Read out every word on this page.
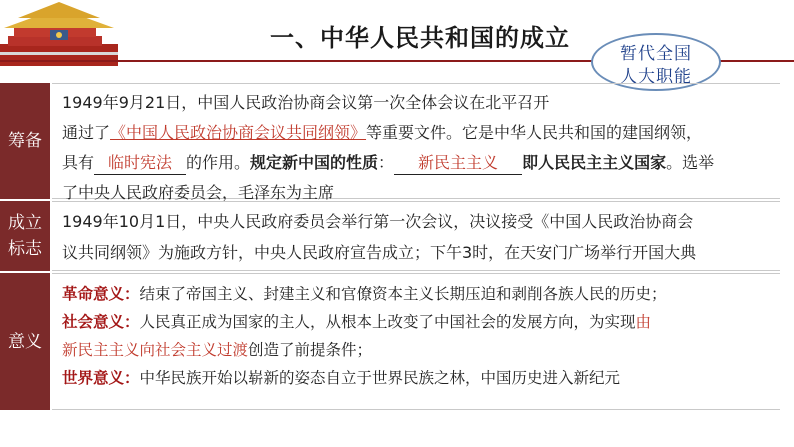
一、中华人民共和国的成立
暂代全国
人大职能
筹备
1949年9月21日，中国人民政治协商会议第一次全体会议在北平召开
通过了《中国人民政治协商会议共同纲领》等重要文件。它是中华人民共和国的建国纲领，
具有 临时宪法 的作用。规定新中国的性质： 新民主主义 即人民民主主义国家。选举
了中央人民政府委员会，毛泽东为主席
成立
标志
1949年10月1日，中央人民政府委员会举行第一次会议，决议接受《中国人民政治协商会
议共同纲领》为施政方针，中央人民政府宣告成立；下午3时，在天安门广场举行开国大典
意义
革命意义：结束了帝国主义、封建主义和官僚资本主义长期压迫和剥削各族人民的历史；
社会意义：人民真正成为国家的主人，从根本上改变了中国社会的发展方向，为实现由
新民主主义向社会主义过渡创造了前提条件；
世界意义：中华民族开始以崭新的姿态自立于世界民族之林，中国历史进入新纪元
